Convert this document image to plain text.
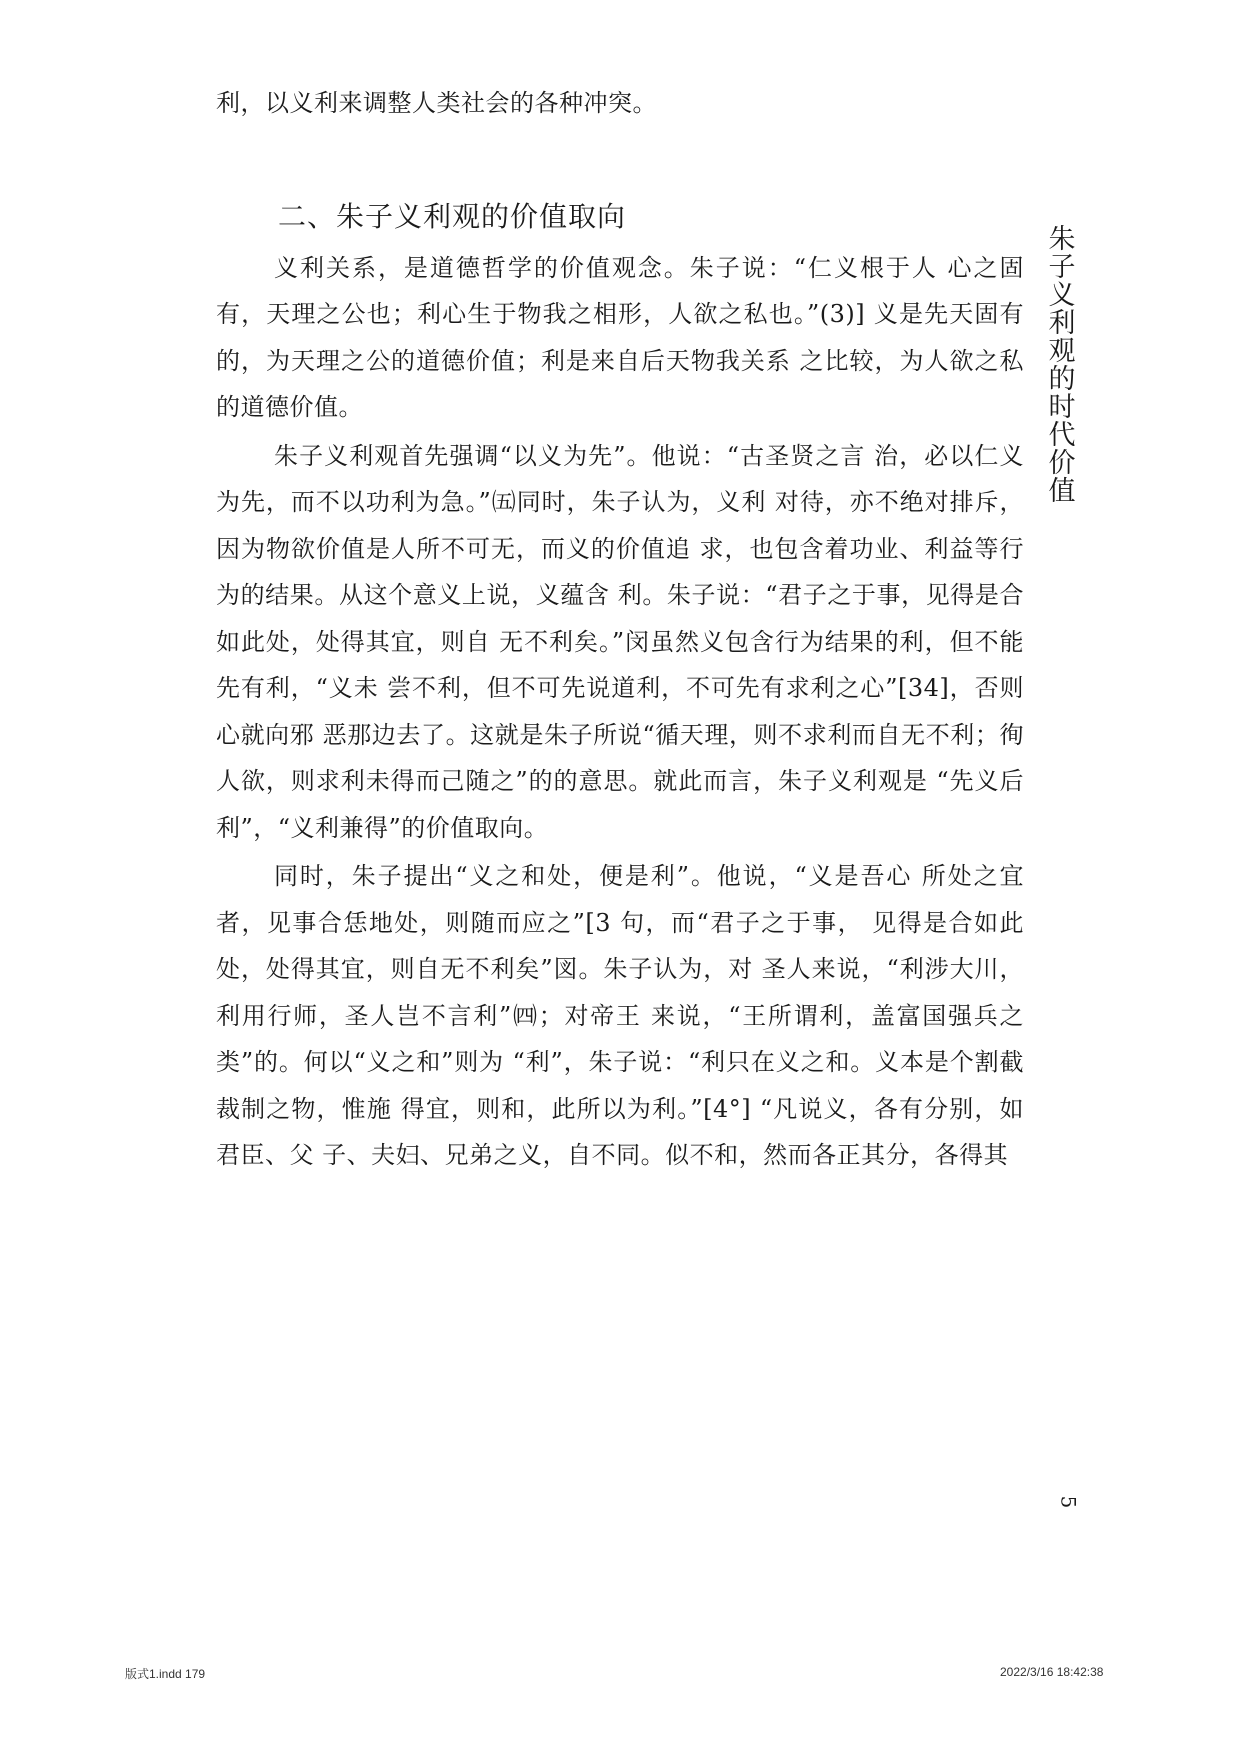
利，以义利来调整人类社会的各种冲突。

二、朱子义利观的价值取向

义利关系，是道德哲学的价值观念。朱子说：“仁义根于人 心之固有，天理之公也；利心生于物我之相形，人欲之私也。”(3)] 义是先天固有的，为天理之公的道德价值；利是来自后天物我关系 之比较，为人欲之私的道德价值。

朱子义利观首先强调“以义为先”。他说：“古圣贤之言 治，必以仁义为先，而不以功利为急。”㈤同时，朱子认为，义利 对待，亦不绝对排斥，因为物欲价值是人所不可无，而义的价值追 求，也包含着功业、利益等行为的结果。从这个意义上说，义蕴含 利。朱子说：“君子之于事，见得是合如此处，处得其宜，则自 无不利矣。”闵虽然义包含行为结果的利，但不能先有利，“义未 尝不利，但不可先说道利，不可先有求利之心”[34]，否则心就向邪 恶那边去了。这就是朱子所说“循天理，则不求利而自无不利；徇 人欲，则求利未得而己随之”的的意思。就此而言，朱子义利观是 “先义后利”，“义利兼得”的价值取向。

同时，朱子提出“义之和处，便是利”。他说，“义是吾心 所处之宜者，见事合恁地处，则随而应之”[3 句，而“君子之于事， 见得是合如此处，处得其宜，则自无不利矣”図。朱子认为，对 圣人来说，“利涉大川，利用行师，圣人岂不言利”㈣；对帝王 来说，“王所谓利，盖富国强兵之类”的。何以“义之和”则为 “利”，朱子说：“利只在义之和。义本是个割截裁制之物，惟施 得宜，则和，此所以为利。”[4°] “凡说义，各有分别，如君臣、父 子、夫妇、兄弟之义，自不同。似不和，然而各正其分，各得其

朱子义利观的时代价值
5
版式1.indd 179	2022/3/16 18:42:38
